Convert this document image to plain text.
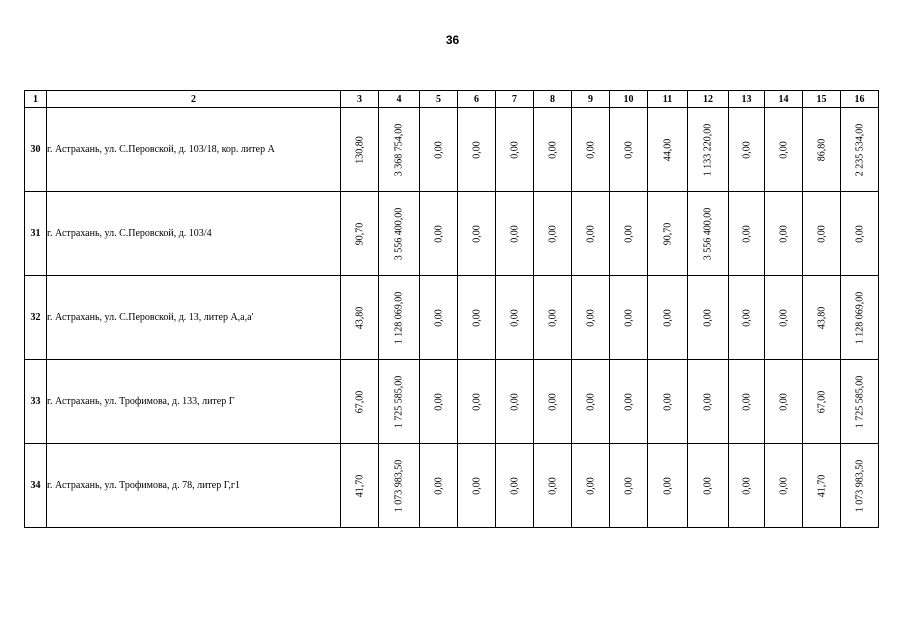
36
1	2	3	4	5	6	7	8	9	10	11	12	13	14	15	16
30	г. Астрахань, ул. С.Перовской, д. 103/18, кор. литер А	130,80	3 368 754,00	0,00	0,00	0,00	0,00	0,00	0,00	44,00	1 133 220,00	0,00	0,00	86,80	2 235 534,00

31	г. Астрахань, ул. С.Перовской, д. 103/4	90,70	3 556 400,00	0,00	0,00	0,00	0,00	0,00	0,00	90,70	3 556 400,00	0,00	0,00	0,00	0,00

32	г. Астрахань, ул. С.Перовской, д. 13, литер А,а,а'	43,80	1 128 069,00	0,00	0,00	0,00	0,00	0,00	0,00	0,00	0,00	0,00	0,00	43,80	1 128 069,00

33	г. Астрахань, ул. Трофимова, д. 133, литер Г	67,00	1 725 585,00	0,00	0,00	0,00	0,00	0,00	0,00	0,00	0,00	0,00	0,00	67,00	1 725 585,00

34	г. Астрахань, ул. Трофимова, д. 78, литер Г,г1	41,70	1 073 983,50	0,00	0,00	0,00	0,00	0,00	0,00	0,00	0,00	0,00	0,00	41,70	1 073 983,50
